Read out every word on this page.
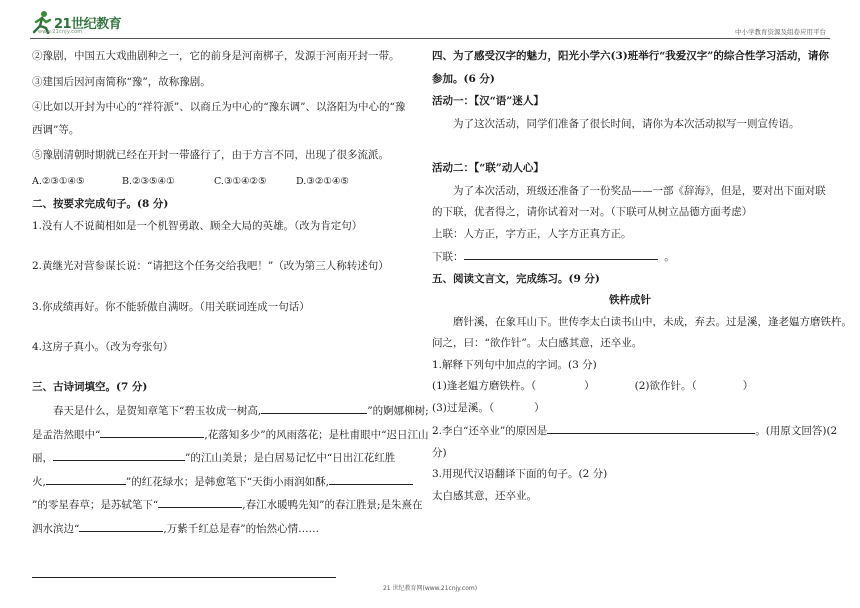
21世纪教育
www.21cnjy.com	中小学教育资源及组卷应用平台

②豫剧，中国五大戏曲剧种之一，它的前身是河南梆子，发源于河南开封一带。

③建国后因河南简称“豫”，故称豫剧。

④比如以开封为中心的“祥符派”、以商丘为中心的“豫东调”、以洛阳为中心的“豫

西调”等。

⑤豫剧清朝时期就已经在开封一带盛行了，由于方言不同，出现了很多流派。

A.②③①④⑤	B.②③⑤④①	C.③①④②⑤	D.③②①④⑤

二、按要求完成句子。(8 分)

1.没有人不说蔺相如是一个机智勇敢、顾全大局的英雄。（改为肯定句）

2.黄继光对营参谋长说：“请把这个任务交给我吧！”（改为第三人称转述句）

3.你成绩再好。你不能骄傲自满呀。（用关联词连成一句话）

4.这房子真小。（改为夸张句）

三、古诗词填空。(7 分)

春天是什么，是贺知章笔下“碧玉妆成一树高,	”的婀娜柳树;

是孟浩然眼中“	,花落知多少”的风雨落花；是杜甫眼中“迟日江山

丽，	”的江山美景；是白居易记忆中“日出江花红胜

火,	”的红花绿水；是韩愈笔下“天街小雨润如酥,

”的零星春草；是苏轼笔下“	,春江水暖鸭先知”的春江胜景;是朱熹在

泗水滨边“	,万紫千红总是春”的怡然心情……

四、为了感受汉字的魅力，阳光小学六(3)班举行“我爱汉字”的综合性学习活动，请你

参加。(6 分)

活动一：【汉“语”迷人】

为了这次活动，同学们准备了很长时间，请你为本次活动拟写一则宣传语。

活动二：【“联”动人心】

为了本次活动，班级还准备了一份奖品——一部《辞海》，但是，要对出下面对联

的下联，优者得之，请你试着对一对。（下联可从树立品德方面考虑）

上联：人方正，字方正，人字方正真方正。

下联：	。

五、阅读文言文，完成练习。(9 分)

铁杵成针

磨针溪，在象耳山下。世传李太白读书山中，未成，弃去。过是溪，逢老媪方磨铁杵。

问之，曰：“欲作针”。太白感其意，还卒业。

1.解释下列句中加点的字词。(3 分)

(1)逢老媪方磨铁杵。（	）	(2)欲作针。（	）

(3)过是溪。（	）

2.李白“还卒业”的原因是	。(用原文回答)(2

分)

3.用现代汉语翻译下面的句子。(2 分)

太白感其意，还卒业。

21 世纪教育网(www.21cnjy.com)
